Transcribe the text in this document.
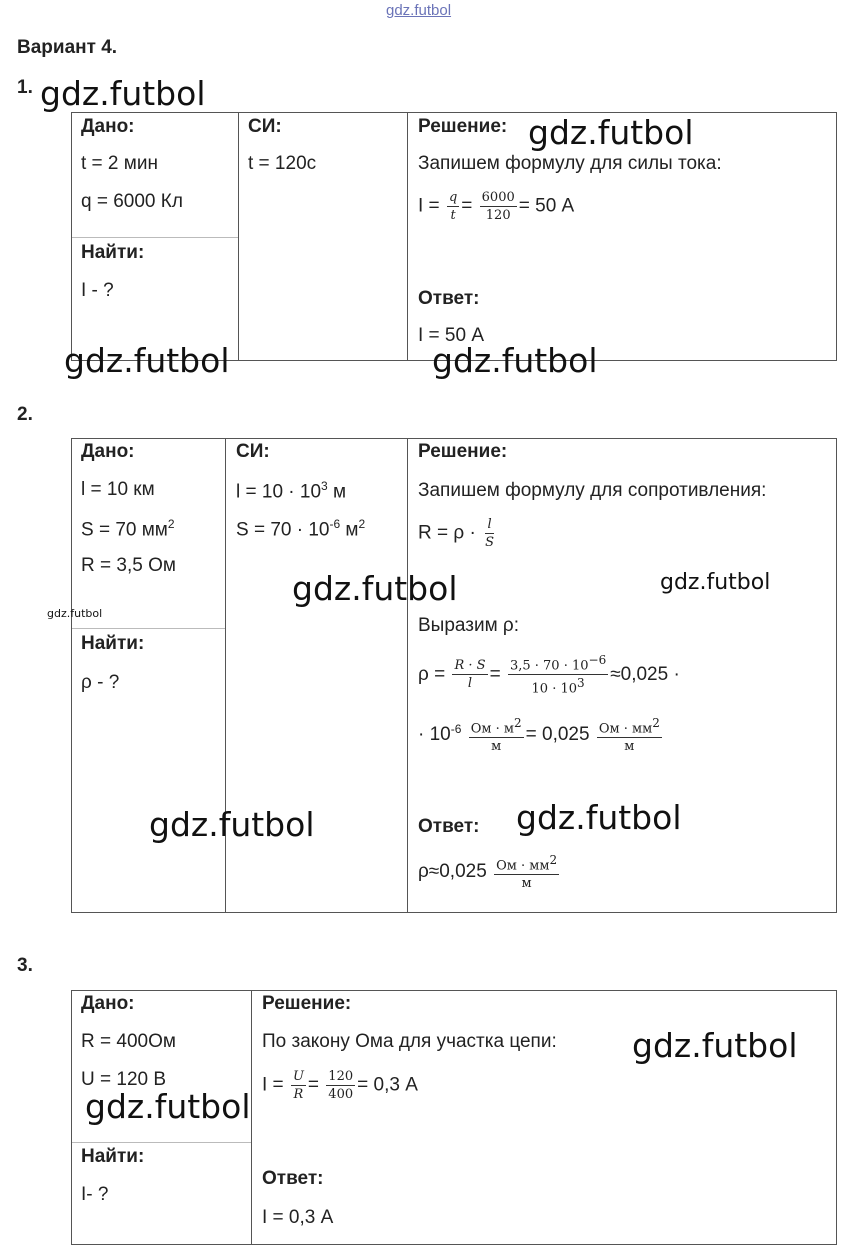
gdz.futbol
Вариант 4.
1.
Дано:
t = 2 мин
q = 6000 Кл
Найти:
I - ?
СИ:
t = 120c
Решение:
Запишем формулу для силы тока:
$I = \frac{q}{t} = \frac{6000}{120} = 50$ А
Ответ:
I = 50 А
2.
Дано:
l = 10 км
S = 70 $мм^2$
R = 3,5 Ом
Найти:
ρ - ?
СИ:
$l = 10 \cdot 10^3$ м
$S = 70 \cdot 10^{-6}$ $м^2$
Решение:
Запишем формулу для сопротивления:
$R = \rho \cdot \frac{l}{S}$
Выразим ρ:
$\rho = \frac{R \cdot S}{l} = \frac{3,5 \cdot 70 \cdot 10^{-6}}{10 \cdot 10^3} \approx 0,025$ ·
· $10^{-6} \frac{Ом \cdot м^2}{м} = 0,025 \frac{Ом \cdot мм^2}{м}$
Ответ:
$\rho\approx 0,025 \frac{Ом \cdot мм^2}{м}$
3.
Дано:
R = 400Ом
U = 120 В
Найти:
I- ?
Решение:
По закону Ома для участка цепи:
$I = \frac{U}{R} = \frac{120}{400} = 0,3$ А
Ответ:
I = 0,3 А
gdz.futbol
gdz.futbol
gdz.futbol	gdz.futbol
gdz.futbol	gdz.futbol
gdz.futbol
gdz.futbol	gdz.futbol
gdz.futbol
gdz.futbol
